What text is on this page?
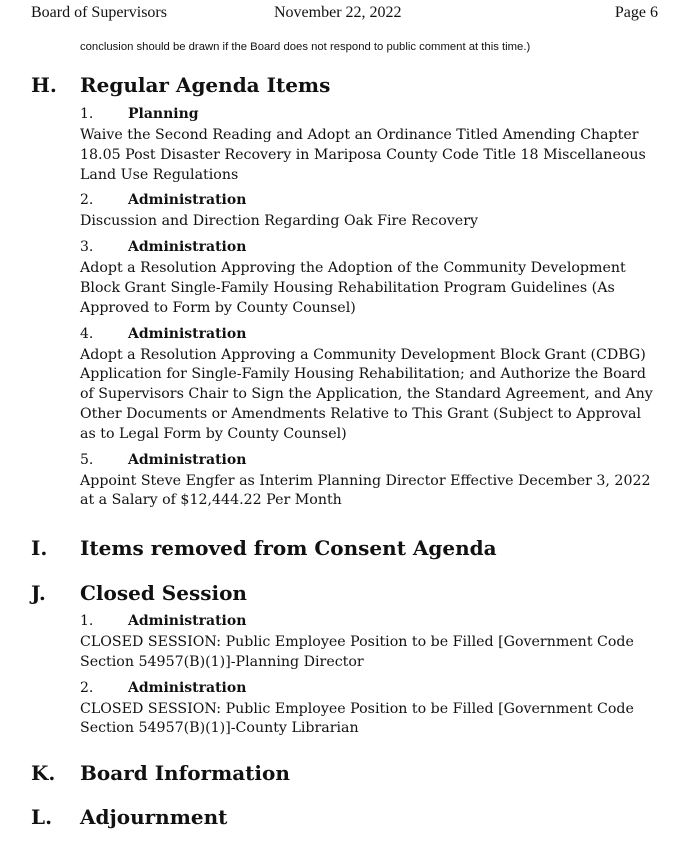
Board of Supervisors	November 22, 2022	Page 6
conclusion should be drawn if the Board does not respond to public comment at this time.)
H. Regular Agenda Items
1. Planning

Waive the Second Reading and Adopt an Ordinance Titled Amending Chapter 18.05 Post Disaster Recovery in Mariposa County Code Title 18 Miscellaneous Land Use Regulations

2. Administration

Discussion and Direction Regarding Oak Fire Recovery

3. Administration

Adopt a Resolution Approving the Adoption of the Community Development Block Grant Single-Family Housing Rehabilitation Program Guidelines (As Approved to Form by County Counsel)

4. Administration

Adopt a Resolution Approving a Community Development Block Grant (CDBG) Application for Single-Family Housing Rehabilitation; and Authorize the Board of Supervisors Chair to Sign the Application, the Standard Agreement, and Any Other Documents or Amendments Relative to This Grant (Subject to Approval as to Legal Form by County Counsel)

5. Administration

Appoint Steve Engfer as Interim Planning Director Effective December 3, 2022 at a Salary of $12,444.22 Per Month

I. Items removed from Consent Agenda
J. Closed Session
1. Administration

CLOSED SESSION: Public Employee Position to be Filled [Government Code Section 54957(B)(1)]-Planning Director

2. Administration

CLOSED SESSION: Public Employee Position to be Filled [Government Code Section 54957(B)(1)]-County Librarian

K. Board Information
L. Adjournment
